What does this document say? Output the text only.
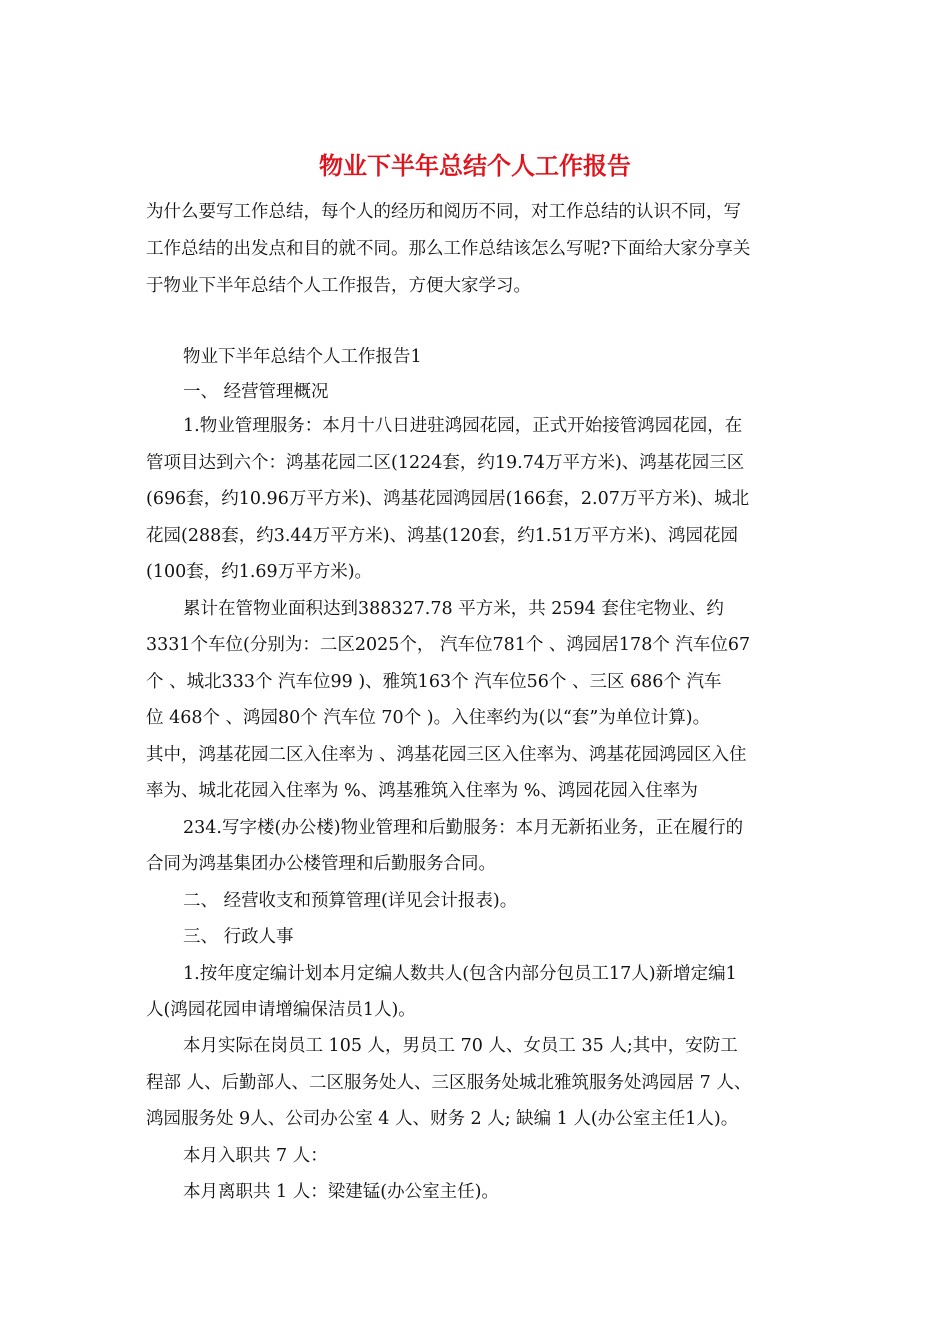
物业下半年总结个人工作报告
为什么要写工作总结，每个人的经历和阅历不同，对工作总结的认识不同，写
工作总结的出发点和目的就不同。那么工作总结该怎么写呢?下面给大家分享关
于物业下半年总结个人工作报告，方便大家学习。
物业下半年总结个人工作报告1
一、 经营管理概况
1.物业管理服务：本月十八日进驻鸿园花园，正式开始接管鸿园花园，在
管项目达到六个：鸿基花园二区(1224套，约19.74万平方米)、鸿基花园三区
(696套，约10.96万平方米)、鸿基花园鸿园居(166套，2.07万平方米)、城北
花园(288套，约3.44万平方米)、鸿基(120套，约1.51万平方米)、鸿园花园
(100套，约1.69万平方米)。
累计在管物业面积达到388327.78 平方米，共 2594 套住宅物业、约
3331个车位(分别为：二区2025个， 汽车位781个 、鸿园居178个 汽车位67
个 、城北333个 汽车位99 )、雅筑163个 汽车位56个 、三区 686个 汽车
位 468个 、鸿园80个 汽车位 70个 )。入住率约为(以“套”为单位计算)。
其中，鸿基花园二区入住率为 、鸿基花园三区入住率为、鸿基花园鸿园区入住
率为、城北花园入住率为 %、鸿基雅筑入住率为 %、鸿园花园入住率为
234.写字楼(办公楼)物业管理和后勤服务：本月无新拓业务，正在履行的
合同为鸿基集团办公楼管理和后勤服务合同。
二、 经营收支和预算管理(详见会计报表)。
三、 行政人事
1.按年度定编计划本月定编人数共人(包含内部分包员工17人)新增定编1
人(鸿园花园申请增编保洁员1人)。
本月实际在岗员工 105 人，男员工 70 人、女员工 35 人;其中，安防工
程部 人、后勤部人、二区服务处人、三区服务处城北雅筑服务处鸿园居 7 人、
鸿园服务处 9人、公司办公室 4 人、财务 2 人; 缺编 1 人(办公室主任1人)。
本月入职共 7 人：
本月离职共 1 人：梁建锰(办公室主任)。
